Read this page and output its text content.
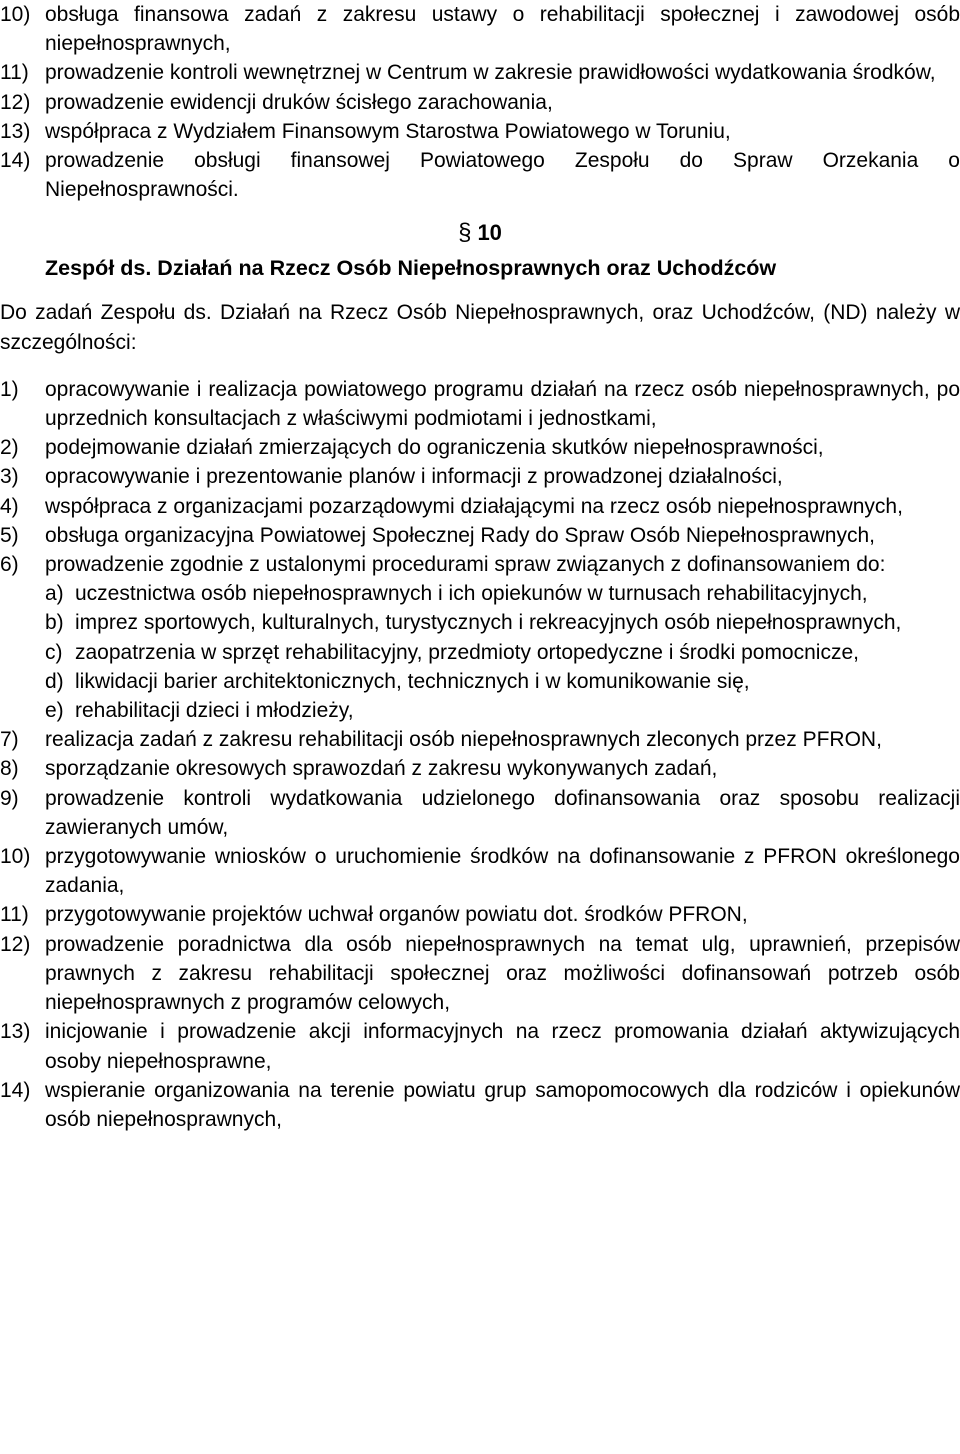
10) obsługa finansowa zadań z zakresu ustawy o rehabilitacji społecznej i zawodowej osób niepełnosprawnych,
11) prowadzenie kontroli wewnętrznej w Centrum w zakresie prawidłowości wydatkowania środków,
12) prowadzenie ewidencji druków ścisłego zarachowania,
13) współpraca z Wydziałem Finansowym Starostwa Powiatowego w Toruniu,
14) prowadzenie obsługi finansowej Powiatowego Zespołu do Spraw Orzekania o Niepełnosprawności.
§ 10
Zespół ds. Działań na Rzecz Osób Niepełnosprawnych oraz Uchodźców
Do zadań Zespołu ds. Działań na Rzecz Osób Niepełnosprawnych, oraz Uchodźców, (ND) należy w szczególności:
1) opracowywanie i realizacja powiatowego programu działań na rzecz osób niepełnosprawnych, po uprzednich konsultacjach z właściwymi podmiotami i jednostkami,
2) podejmowanie działań zmierzających do ograniczenia skutków niepełnosprawności,
3) opracowywanie i prezentowanie planów i informacji z prowadzonej działalności,
4) współpraca z organizacjami pozarządowymi działającymi na rzecz osób niepełnosprawnych,
5) obsługa organizacyjna Powiatowej Społecznej Rady do Spraw Osób Niepełnosprawnych,
6) prowadzenie zgodnie z ustalonymi procedurami spraw związanych z dofinansowaniem do:
a) uczestnictwa osób niepełnosprawnych i ich opiekunów w turnusach rehabilitacyjnych,
b) imprez sportowych, kulturalnych, turystycznych i rekreacyjnych osób niepełnosprawnych,
c) zaopatrzenia w sprzęt rehabilitacyjny, przedmioty ortopedyczne i środki pomocnicze,
d) likwidacji barier architektonicznych, technicznych i w komunikowanie się,
e) rehabilitacji dzieci i młodzieży,
7) realizacja zadań z zakresu rehabilitacji osób niepełnosprawnych zleconych przez PFRON,
8) sporządzanie okresowych sprawozdań z zakresu wykonywanych zadań,
9) prowadzenie kontroli wydatkowania udzielonego dofinansowania oraz sposobu realizacji zawieranych umów,
10) przygotowywanie wniosków o uruchomienie środków na dofinansowanie z PFRON określonego zadania,
11) przygotowywanie projektów uchwał organów powiatu dot. środków PFRON,
12) prowadzenie poradnictwa dla osób niepełnosprawnych na temat ulg, uprawnień, przepisów prawnych z zakresu rehabilitacji społecznej oraz możliwości dofinansowań potrzeb osób niepełnosprawnych z programów celowych,
13) inicjowanie i prowadzenie akcji informacyjnych na rzecz promowania działań aktywizujących osoby niepełnosprawne,
14) wspieranie organizowania na terenie powiatu grup samopomocowych dla rodziców i opiekunów osób niepełnosprawnych,
